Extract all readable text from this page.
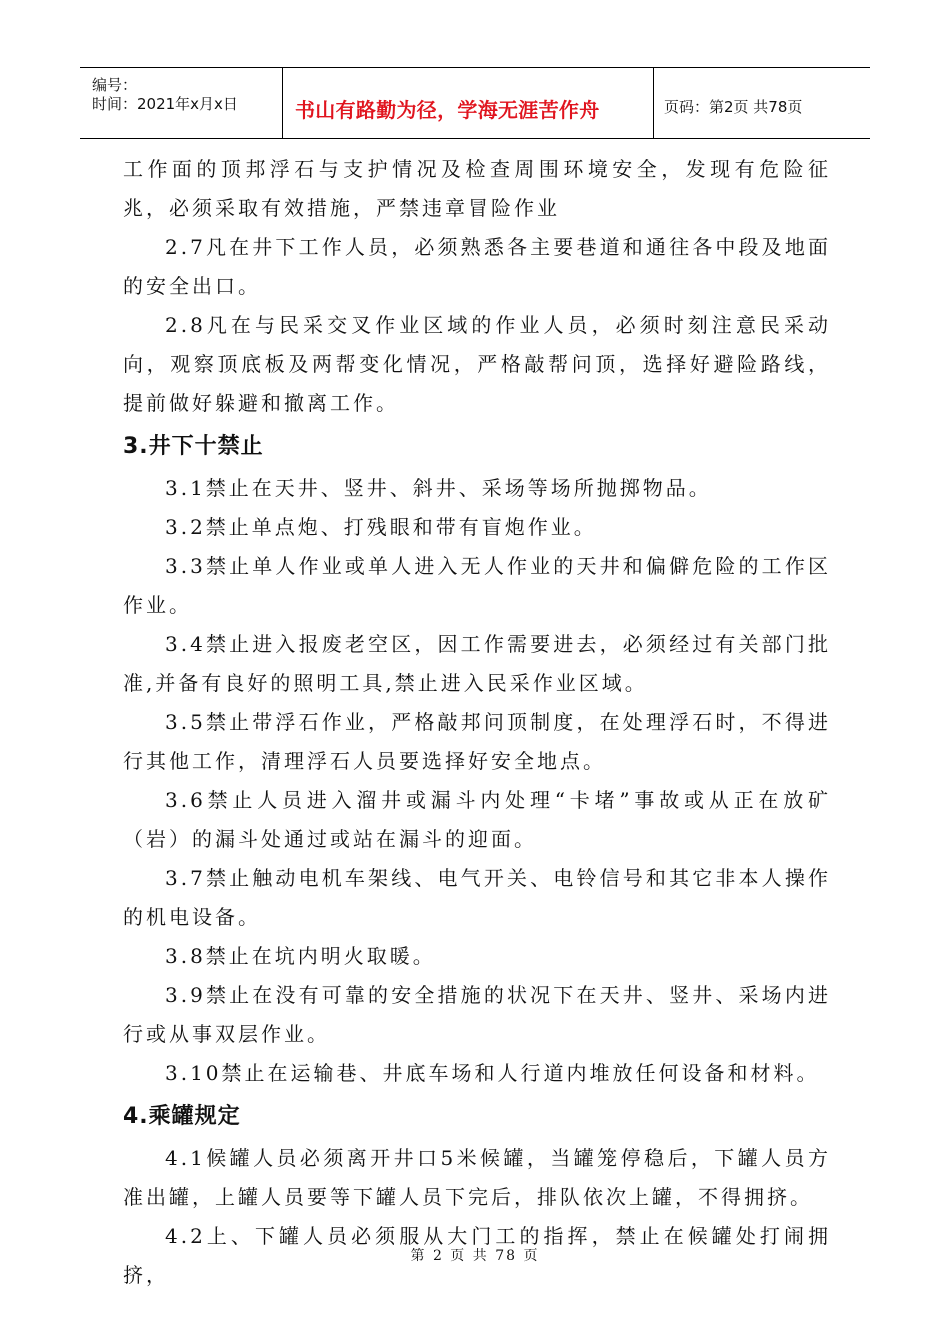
编号：
时间：2021年x月x日	书山有路勤为径，学海无涯苦作舟	页码：第2页 共78页

工作面的顶邦浮石与支护情况及检查周围环境安全，发现有危险征兆，必须采取有效措施，严禁违章冒险作业

2.7凡在井下工作人员，必须熟悉各主要巷道和通往各中段及地面的安全出口。

2.8凡在与民采交叉作业区域的作业人员，必须时刻注意民采动向，观察顶底板及两帮变化情况，严格敲帮问顶，选择好避险路线，提前做好躲避和撤离工作。

3.井下十禁止

3.1禁止在天井、竖井、斜井、采场等场所抛掷物品。

3.2禁止单点炮、打残眼和带有盲炮作业。

3.3禁止单人作业或单人进入无人作业的天井和偏僻危险的工作区作业。

3.4禁止进入报废老空区，因工作需要进去，必须经过有关部门批准,并备有良好的照明工具,禁止进入民采作业区域。

3.5禁止带浮石作业，严格敲邦问顶制度，在处理浮石时，不得进行其他工作，清理浮石人员要选择好安全地点。

3.6禁止人员进入溜井或漏斗内处理“卡堵”事故或从正在放矿（岩）的漏斗处通过或站在漏斗的迎面。

3.7禁止触动电机车架线、电气开关、电铃信号和其它非本人操作的机电设备。

3.8禁止在坑内明火取暖。

3.9禁止在没有可靠的安全措施的状况下在天井、竖井、采场内进行或从事双层作业。

3.10禁止在运输巷、井底车场和人行道内堆放任何设备和材料。

4.乘罐规定

4.1候罐人员必须离开井口5米候罐，当罐笼停稳后，下罐人员方准出罐，上罐人员要等下罐人员下完后，排队依次上罐，不得拥挤。

4.2上、下罐人员必须服从大门工的指挥，禁止在候罐处打闹拥挤，

第 2 页 共 78 页
